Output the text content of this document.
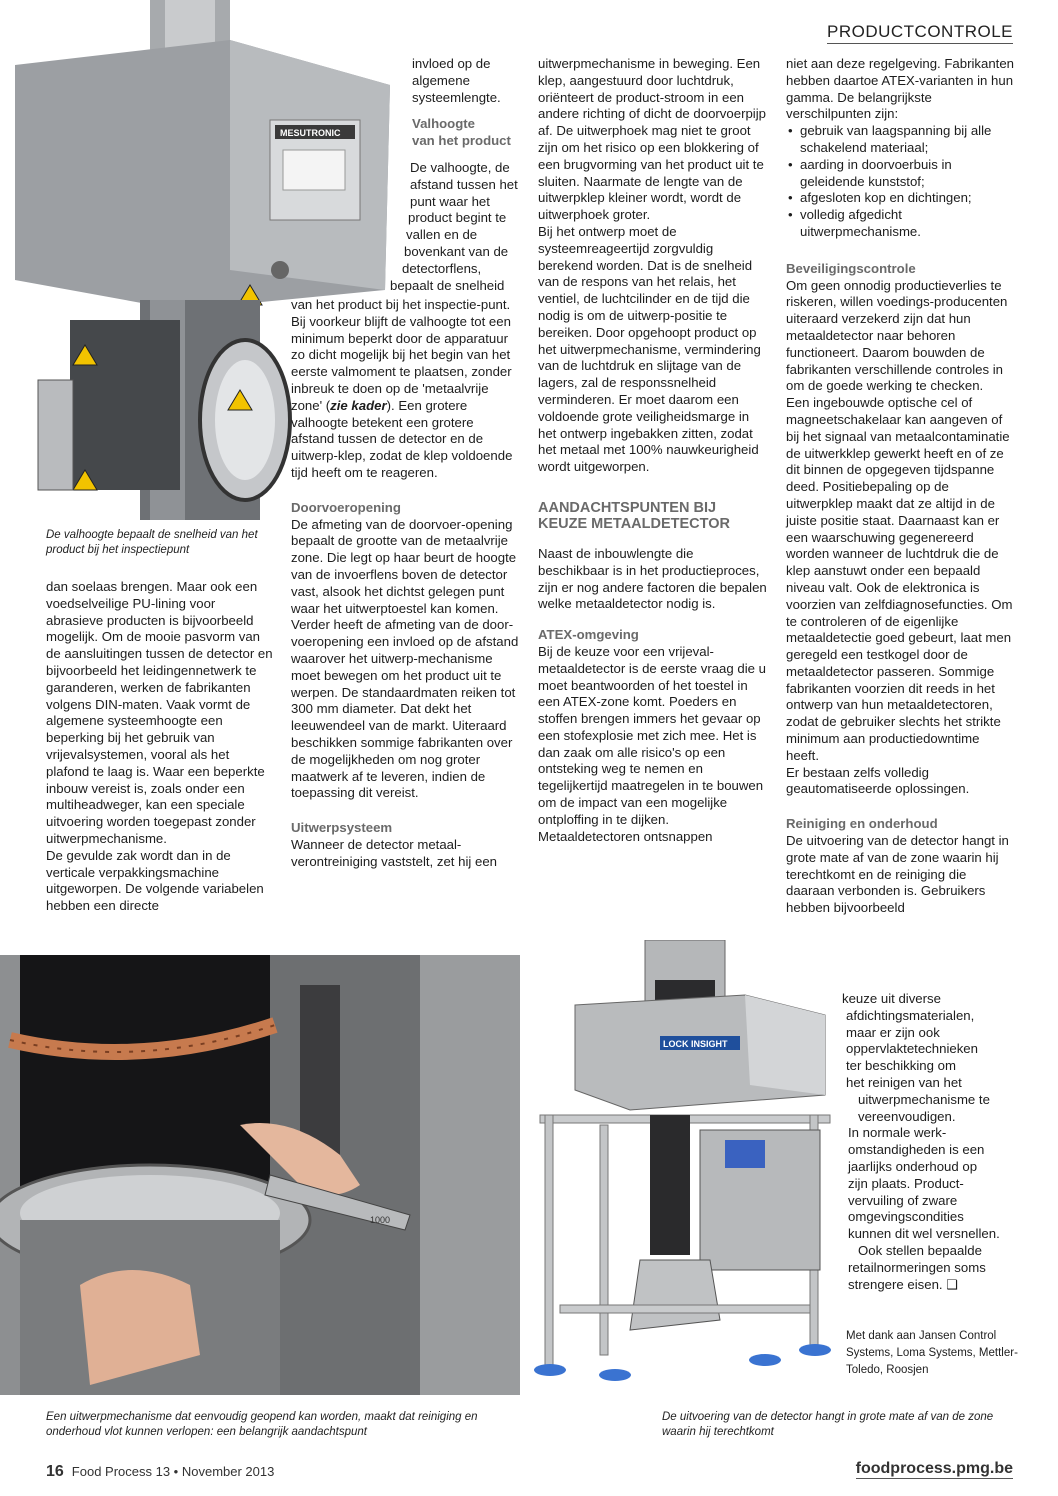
PRODUCTCONTROLE
MESUTRONIC
De valhoogte bepaalt de snelheid van het product bij het inspectiepunt

dan soelaas brengen. Maar ook een voedselveilige PU-lining voor abrasieve producten is bijvoorbeeld mogelijk. Om de mooie pasvorm van de aansluitingen tussen de detector en bijvoorbeeld het leidingennetwerk te garanderen, werken de fabrikanten volgens DIN-maten. Vaak vormt de algemene systeemhoogte een beperking bij het gebruik van vrijevalsystemen, vooral als het plafond te laag is. Waar een beperkte inbouw vereist is, zoals onder een multiheadweger, kan een speciale uitvoering worden toegepast zonder uitwerpmechanisme.

De gevulde zak wordt dan in de verticale verpakkingsmachine uitgeworpen. De volgende variabelen hebben een directe

invloed op de

algemene

systeemlengte.

Valhoogte

van het product

De valhoogte, de

afstand tussen het

punt waar het

product begint te

vallen en de

bovenkant van de

detectorflens,

bepaalt de snelheid

van het product bij het inspectie-punt. Bij voorkeur blijft de valhoogte tot een minimum beperkt door de apparatuur zo dicht mogelijk bij het begin van het eerste valmoment te plaatsen, zonder inbreuk te doen op de 'metaalvrije zone' (zie kader). Een grotere valhoogte betekent een grotere afstand tussen de detector en de uitwerp-klep, zodat de klep voldoende tijd heeft om te reageren.

Doorvoeropening

De afmeting van de doorvoer-opening bepaalt de grootte van de metaalvrije zone. Die legt op haar beurt de hoogte van de invoerflens boven de detector vast, alsook het dichtst gelegen punt waar het uitwerptoestel kan komen. Verder heeft de afmeting van de door-voeropening een invloed op de afstand waarover het uitwerp-mechanisme moet bewegen om het product uit te werpen. De standaardmaten reiken tot 300 mm diameter. Dat dekt het leeuwendeel van de markt. Uiteraard beschikken sommige fabrikanten over de mogelijkheden om nog groter maatwerk af te leveren, indien de toepassing dit vereist.

Uitwerpsysteem

Wanneer de detector metaal-verontreiniging vaststelt, zet hij een

uitwerpmechanisme in beweging. Een klep, aangestuurd door luchtdruk, oriënteert de product-stroom in een andere richting of dicht de doorvoerpijp af. De uitwerphoek mag niet te groot zijn om het risico op een blokkering of een brugvorming van het product uit te sluiten. Naarmate de lengte van de uitwerpklep kleiner wordt, wordt de uitwerphoek groter.

Bij het ontwerp moet de systeemreageertijd zorgvuldig berekend worden. Dat is de snelheid van de respons van het relais, het ventiel, de luchtcilinder en de tijd die nodig is om de uitwerp-positie te bereiken. Door opgehoopt product op het uitwerpmechanisme, vermindering van de luchtdruk en slijtage van de lagers, zal de responssnelheid verminderen. Er moet daarom een voldoende grote veiligheidsmarge in het ontwerp ingebakken zitten, zodat het metaal met 100% nauwkeurigheid wordt uitgeworpen.

AANDACHTSPUNTEN BIJ KEUZE METAALDETECTOR

Naast de inbouwlengte die beschikbaar is in het productieproces, zijn er nog andere factoren die bepalen welke metaaldetector nodig is.

ATEX-omgeving

Bij de keuze voor een vrijeval-metaaldetector is de eerste vraag die u moet beantwoorden of het toestel in een ATEX-zone komt. Poeders en stoffen brengen immers het gevaar op een stofexplosie met zich mee. Het is dan zaak om alle risico's op een ontsteking weg te nemen en tegelijkertijd maatregelen in te bouwen om de impact van een mogelijke ontploffing in te dijken. Metaaldetectoren ontsnappen

niet aan deze regelgeving. Fabrikanten hebben daartoe ATEX-varianten in hun gamma. De belangrijkste verschilpunten zijn:

• gebruik van laagspanning bij alle schakelend materiaal;
• aarding in doorvoerbuis in geleidende kunststof;
• afgesloten kop en dichtingen;
• volledig afgedicht uitwerpmechanisme.

Beveiligingscontrole

Om geen onnodig productieverlies te riskeren, willen voedings-producenten uiteraard verzekerd zijn dat hun metaaldetector naar behoren functioneert. Daarom bouwden de fabrikanten verschillende controles in om de goede werking te checken.

Een ingebouwde optische cel of magneetschakelaar kan aangeven of bij het signaal van metaalcontaminatie de uitwerkklep gewerkt heeft en of ze dit binnen de opgegeven tijdspanne deed. Positiebepaling op de uitwerpklep maakt dat ze altijd in de juiste positie staat. Daarnaast kan er een waarschuwing gegenereerd worden wanneer de luchtdruk die de klep aanstuwt onder een bepaald niveau valt. Ook de elektronica is voorzien van zelfdiagnosefuncties. Om te controleren of de eigenlijke metaaldetectie goed gebeurt, laat men geregeld een testkogel door de metaaldetector passeren. Sommige fabrikanten voorzien dit reeds in het ontwerp van hun metaaldetectoren, zodat de gebruiker slechts het strikte minimum aan productiedowntime heeft.

Er bestaan zelfs volledig geautomatiseerde oplossingen.

Reiniging en onderhoud

De uitvoering van de detector hangt in grote mate af van de zone waarin hij terechtkomt en de reiniging die daaraan verbonden is. Gebruikers hebben bijvoorbeeld

keuze uit diverse

afdichtingsmaterialen,

maar er zijn ook

oppervlaktetechnieken

ter beschikking om

het reinigen van het

uitwerpmechanisme te

vereenvoudigen.

In normale werk-

omstandigheden is een

jaarlijks onderhoud op

zijn plaats. Product-

vervuiling of zware

omgevingscondities

kunnen dit wel versnellen.

Ook stellen bepaalde

retailnormeringen soms

strengere eisen. ❑

Met dank aan Jansen Control Systems, Loma Systems, Mettler-Toledo, Roosjen
1000
LOCK INSIGHT
Een uitwerpmechanisme dat eenvoudig geopend kan worden, maakt dat reiniging en onderhoud vlot kunnen verlopen: een belangrijk aandachtspunt
De uitvoering van de detector hangt in grote mate af van de zone waarin hij terechtkomt
16 Food Process 13 • November 2013	foodprocess.pmg.be
